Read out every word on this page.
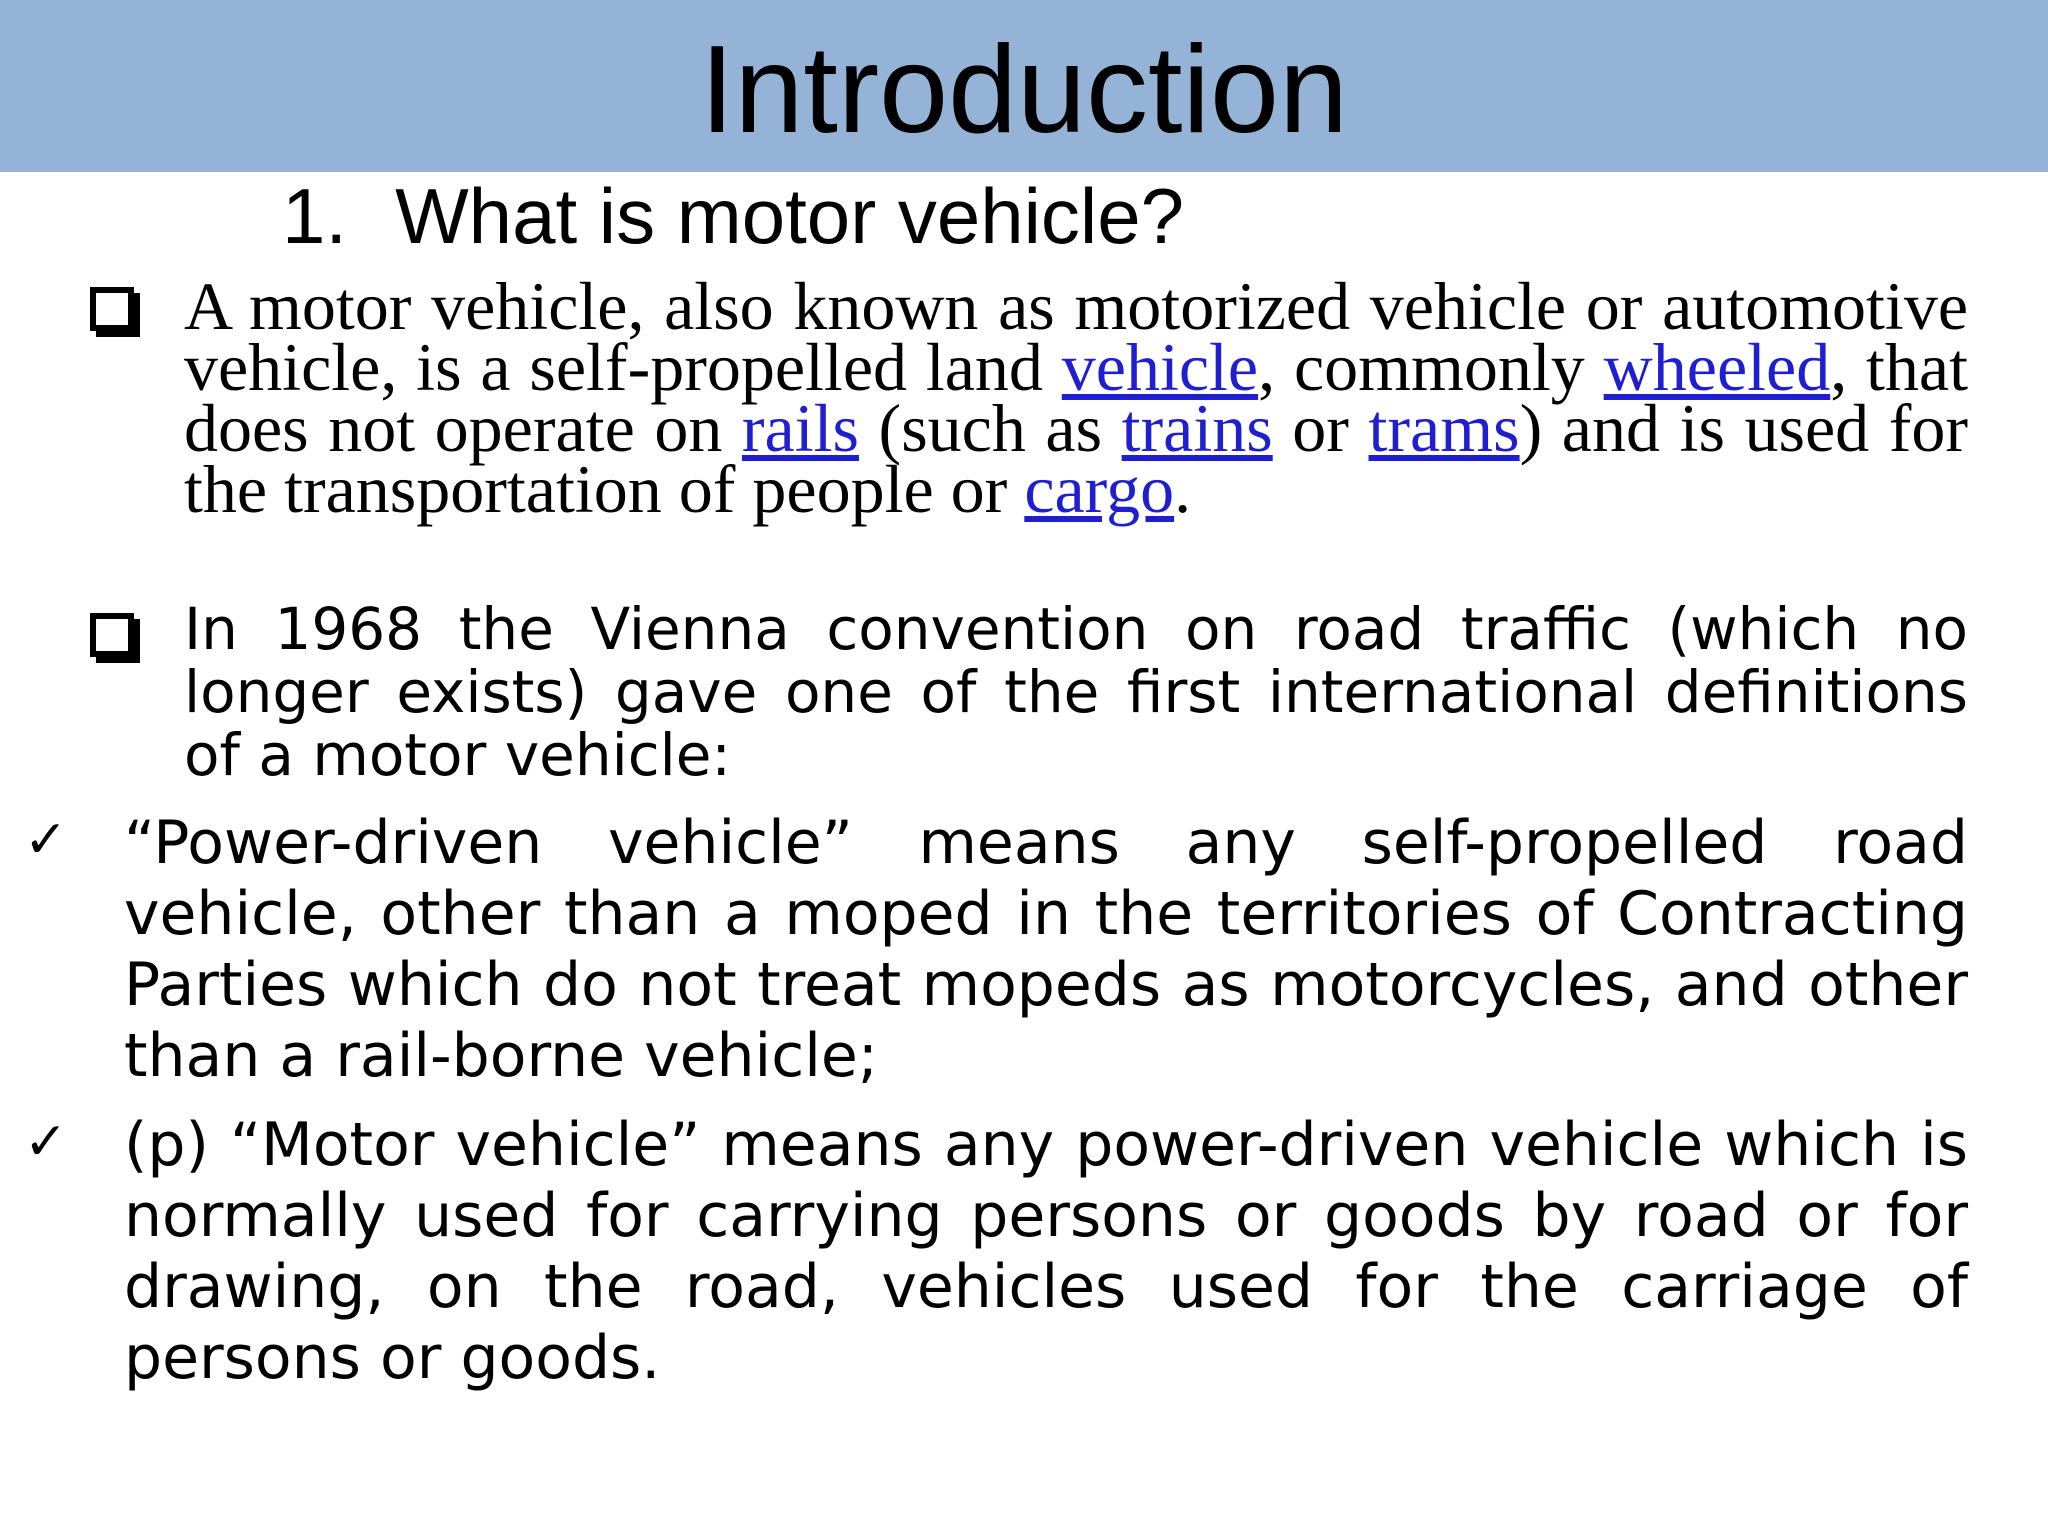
Introduction
1. What is motor vehicle?

A motor vehicle, also known as motorized vehicle or automotive vehicle, is a self-propelled land vehicle, commonly wheeled, that does not operate on rails (such as trains or trams) and is used for the transportation of people or cargo.

In 1968 the Vienna convention on road traffic (which no longer exists) gave one of the first international definitions of a motor vehicle:

✓ “Power-driven vehicle” means any self-propelled road vehicle, other than a moped in the territories of Contracting Parties which do not treat mopeds as motorcycles, and other than a rail-borne vehicle;

✓ (p) “Motor vehicle” means any power-driven vehicle which is normally used for carrying persons or goods by road or for drawing, on the road, vehicles used for the carriage of persons or goods.
